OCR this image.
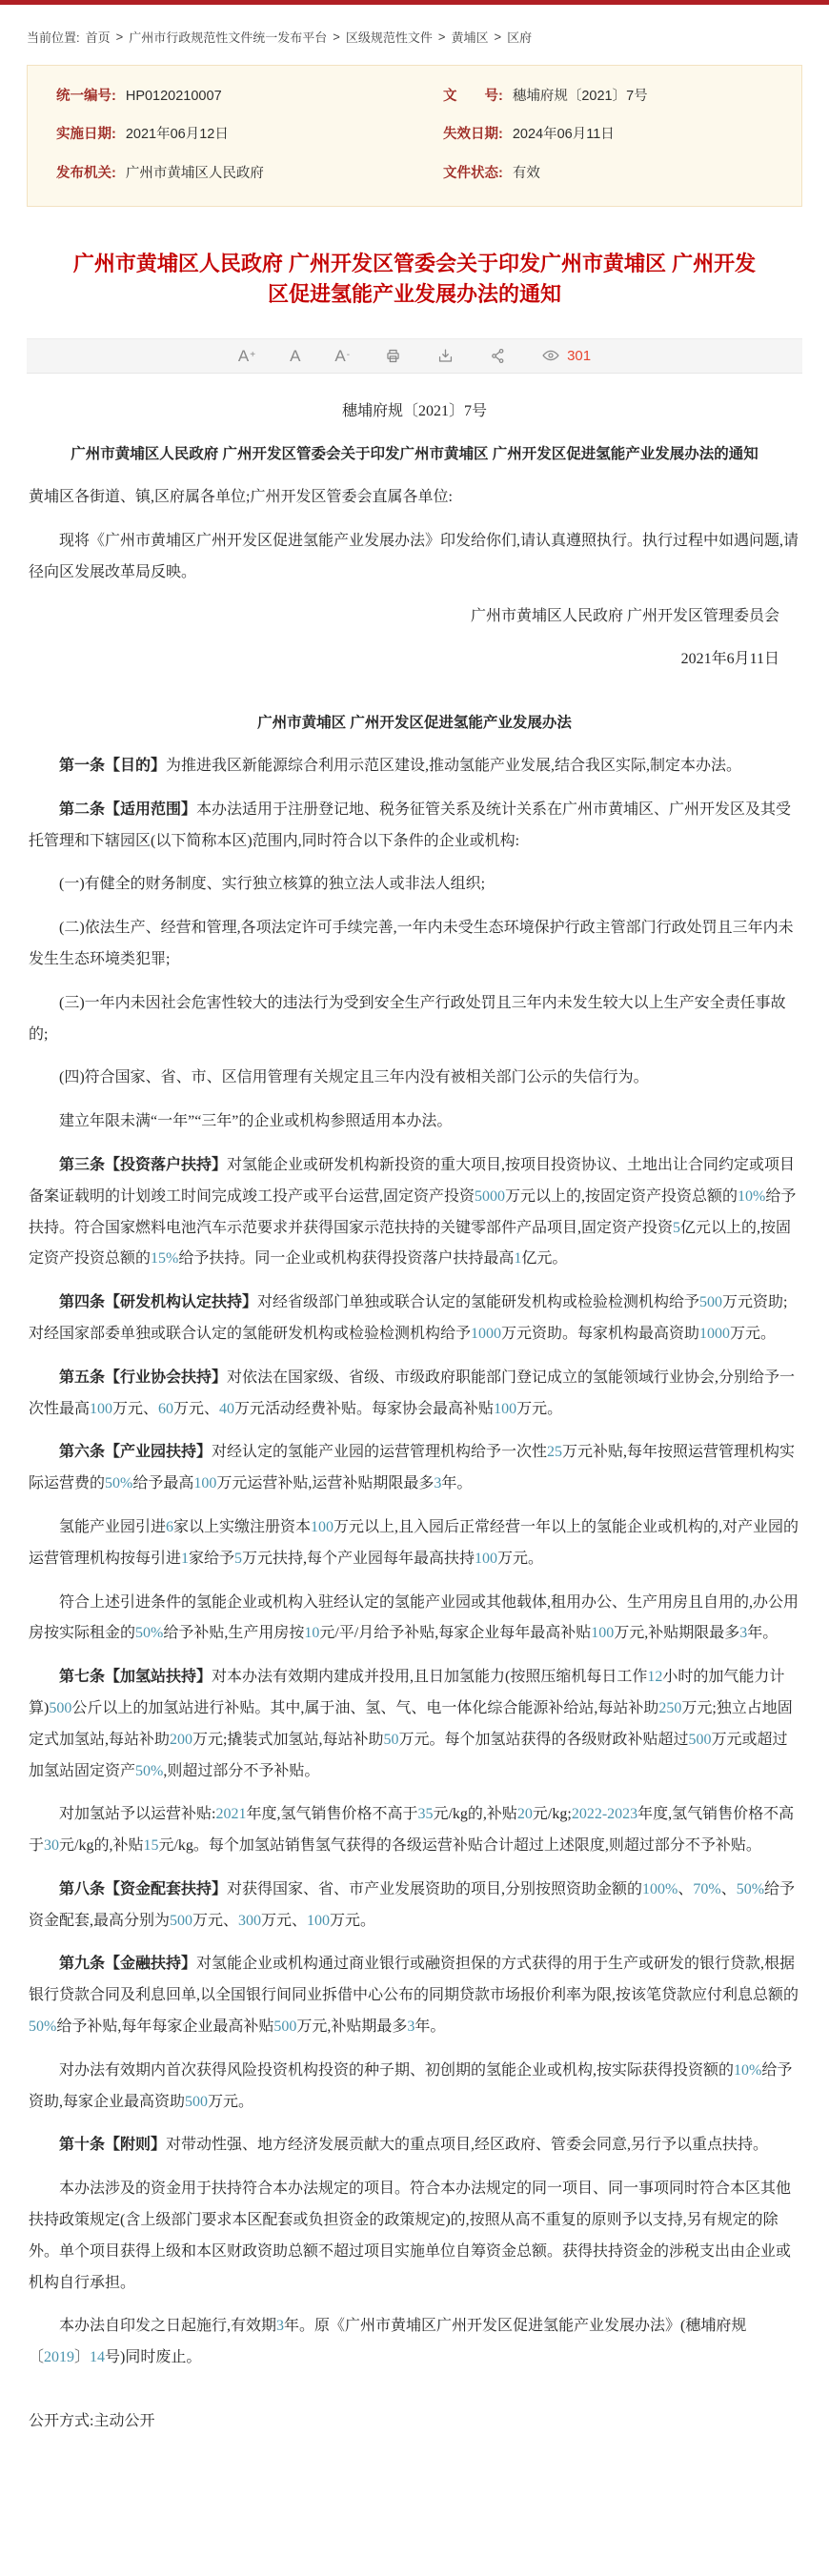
当前位置: 首页 > 广州市行政规范性文件统一发布平台 > 区级规范性文件 > 黄埔区 > 区府
统一编号: HP0120210007	文　　号: 穗埔府规〔2021〕7号
实施日期: 2021年06月12日	失效日期: 2024年06月11日
发布机关: 广州市黄埔区人民政府	文件状态: 有效
广州市黄埔区人民政府 广州开发区管委会关于印发广州市黄埔区 广州开发区促进氢能产业发展办法的通知
A + A A -	301

穗埔府规〔2021〕7号

广州市黄埔区人民政府 广州开发区管委会关于印发广州市黄埔区 广州开发区促进氢能产业发展办法的通知

黄埔区各街道、镇,区府属各单位;广州开发区管委会直属各单位:

现将《广州市黄埔区广州开发区促进氢能产业发展办法》印发给你们,请认真遵照执行。执行过程中如遇问题,请径向区发展改革局反映。

广州市黄埔区人民政府 广州开发区管理委员会

2021年6月11日

广州市黄埔区 广州开发区促进氢能产业发展办法

第一条【目的】为推进我区新能源综合利用示范区建设,推动氢能产业发展,结合我区实际,制定本办法。

第二条【适用范围】本办法适用于注册登记地、税务征管关系及统计关系在广州市黄埔区、广州开发区及其受托管理和下辖园区(以下简称本区)范围内,同时符合以下条件的企业或机构:

(一)有健全的财务制度、实行独立核算的独立法人或非法人组织;

(二)依法生产、经营和管理,各项法定许可手续完善,一年内未受生态环境保护行政主管部门行政处罚且三年内未发生生态环境类犯罪;

(三)一年内未因社会危害性较大的违法行为受到安全生产行政处罚且三年内未发生较大以上生产安全责任事故的;

(四)符合国家、省、市、区信用管理有关规定且三年内没有被相关部门公示的失信行为。

建立年限未满“一年”“三年”的企业或机构参照适用本办法。

第三条【投资落户扶持】对氢能企业或研发机构新投资的重大项目,按项目投资协议、土地出让合同约定或项目备案证载明的计划竣工时间完成竣工投产或平台运营,固定资产投资5000万元以上的,按固定资产投资总额的10%给予扶持。符合国家燃料电池汽车示范要求并获得国家示范扶持的关键零部件产品项目,固定资产投资5亿元以上的,按固定资产投资总额的15%给予扶持。同一企业或机构获得投资落户扶持最高1亿元。

第四条【研发机构认定扶持】对经省级部门单独或联合认定的氢能研发机构或检验检测机构给予500万元资助;对经国家部委单独或联合认定的氢能研发机构或检验检测机构给予1000万元资助。每家机构最高资助1000万元。

第五条【行业协会扶持】对依法在国家级、省级、市级政府职能部门登记成立的氢能领域行业协会,分别给予一次性最高100万元、60万元、40万元活动经费补贴。每家协会最高补贴100万元。

第六条【产业园扶持】对经认定的氢能产业园的运营管理机构给予一次性25万元补贴,每年按照运营管理机构实际运营费的50%给予最高100万元运营补贴,运营补贴期限最多3年。

氢能产业园引进6家以上实缴注册资本100万元以上,且入园后正常经营一年以上的氢能企业或机构的,对产业园的运营管理机构按每引进1家给予5万元扶持,每个产业园每年最高扶持100万元。

符合上述引进条件的氢能企业或机构入驻经认定的氢能产业园或其他载体,租用办公、生产用房且自用的,办公用房按实际租金的50%给予补贴,生产用房按10元/平/月给予补贴,每家企业每年最高补贴100万元,补贴期限最多3年。

第七条【加氢站扶持】对本办法有效期内建成并投用,且日加氢能力(按照压缩机每日工作12小时的加气能力计算)500公斤以上的加氢站进行补贴。其中,属于油、氢、气、电一体化综合能源补给站,每站补助250万元;独立占地固定式加氢站,每站补助200万元;撬装式加氢站,每站补助50万元。每个加氢站获得的各级财政补贴超过500万元或超过加氢站固定资产50%,则超过部分不予补贴。

对加氢站予以运营补贴:2021年度,氢气销售价格不高于35元/kg的,补贴20元/kg;2022-2023年度,氢气销售价格不高于30元/kg的,补贴15元/kg。每个加氢站销售氢气获得的各级运营补贴合计超过上述限度,则超过部分不予补贴。

第八条【资金配套扶持】对获得国家、省、市产业发展资助的项目,分别按照资助金额的100%、70%、50%给予资金配套,最高分别为500万元、300万元、100万元。

第九条【金融扶持】对氢能企业或机构通过商业银行或融资担保的方式获得的用于生产或研发的银行贷款,根据银行贷款合同及利息回单,以全国银行间同业拆借中心公布的同期贷款市场报价利率为限,按该笔贷款应付利息总额的50%给予补贴,每年每家企业最高补贴500万元,补贴期最多3年。

对办法有效期内首次获得风险投资机构投资的种子期、初创期的氢能企业或机构,按实际获得投资额的10%给予资助,每家企业最高资助500万元。

第十条【附则】对带动性强、地方经济发展贡献大的重点项目,经区政府、管委会同意,另行予以重点扶持。

本办法涉及的资金用于扶持符合本办法规定的项目。符合本办法规定的同一项目、同一事项同时符合本区其他扶持政策规定(含上级部门要求本区配套或负担资金的政策规定)的,按照从高不重复的原则予以支持,另有规定的除外。单个项目获得上级和本区财政资助总额不超过项目实施单位自筹资金总额。获得扶持资金的涉税支出由企业或机构自行承担。

本办法自印发之日起施行,有效期3年。原《广州市黄埔区广州开发区促进氢能产业发展办法》(穗埔府规〔2019〕14号)同时废止。

公开方式:主动公开
